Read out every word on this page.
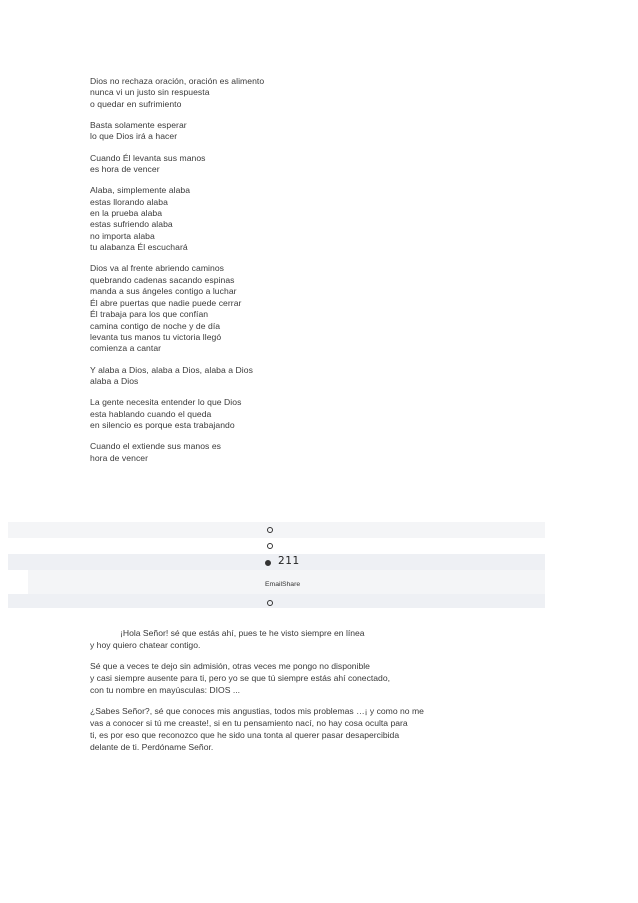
Dios no rechaza oración, oración es alimento
nunca vi un justo sin respuesta
o quedar en sufrimiento
Basta solamente esperar
lo que Dios irá a hacer
Cuando Él levanta sus manos
es hora de vencer
Alaba, simplemente alaba
estas llorando alaba
en la prueba alaba
estas sufriendo alaba
no importa alaba
tu alabanza Él escuchará
Dios va al frente abriendo caminos
quebrando cadenas sacando espinas
manda a sus ángeles contigo a luchar
Él abre puertas que nadie puede cerrar
Él trabaja para los que confían
camina contigo de noche y de día
levanta tus manos tu victoria llegó
comienza a cantar
Y alaba a Dios, alaba a Dios, alaba a Dios
alaba a Dios
La gente necesita entender lo que Dios
esta hablando cuando el queda
en silencio es porque esta trabajando
Cuando el extiende sus manos es
hora de vencer
211
EmailShare
¡Hola Señor! sé que estás ahí, pues te he visto siempre en línea
y hoy quiero chatear contigo.
Sé que a veces te dejo sin admisión, otras veces me pongo no disponible
y casi siempre ausente para ti, pero yo se que tú siempre estás ahí conectado,
con tu nombre en mayúsculas: DIOS ...
¿Sabes Señor?, sé que conoces mis angustias, todos mis problemas …¡ y como no me
vas a conocer si tú me creaste!, si en tu pensamiento nací, no hay cosa oculta para
ti, es por eso que reconozco que he sido una tonta al querer pasar desapercibida
delante de ti. Perdóname Señor.
